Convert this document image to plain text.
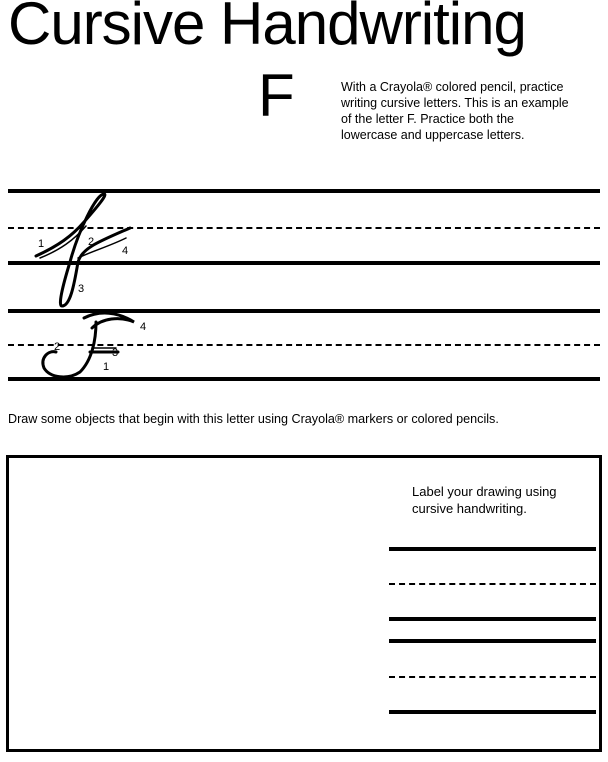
Cursive Handwriting
F	With a Crayola® colored pencil, practice

writing cursive letters. This is an example

of the letter F. Practice both the

lowercase and uppercase letters.

1	2
3
4
2
1
3
4
Draw some objects that begin with this letter using Crayola® markers or colored pencils.

Label your drawing using

cursive handwriting.
